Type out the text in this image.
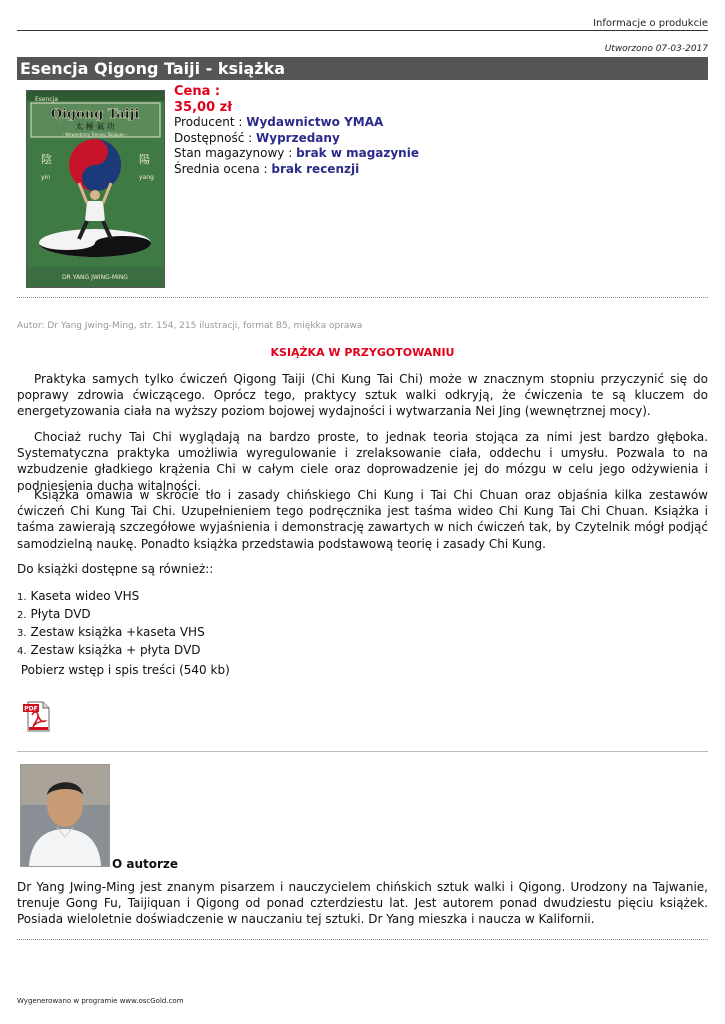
Informacje o produkcie
Utworzono 07-03-2017
Esencja Qigong Taiji - książka
Esencja
Qigong Taiji
太 極 氣 功
- Wewnętrzny Trening Taijiquan -
陰
yin
陽
yang
DR YANG JWING-MING
Cena :
35,00 zł
Producent : Wydawnictwo YMAA
Dostępność : Wyprzedany
Stan magazynowy : brak w magazynie
Średnia ocena : brak recenzji
Autor: Dr Yang Jwing-Ming, str. 154, 215 ilustracji, format B5, miękka oprawa
KSIĄŻKA W PRZYGOTOWANIU
Praktyka samych tylko ćwiczeń Qigong Taiji (Chi Kung Tai Chi) może w znacznym stopniu przyczynić się do poprawy zdrowia ćwiczącego. Oprócz tego, praktycy sztuk walki odkryją, że ćwiczenia te są kluczem do energetyzowania ciała na wyższy poziom bojowej wydajności i wytwarzania Nei Jing (wewnętrznej mocy).
Chociaż ruchy Tai Chi wyglądają na bardzo proste, to jednak teoria stojąca za nimi jest bardzo głęboka. Systematyczna praktyka umożliwia wyregulowanie i zrelaksowanie ciała, oddechu i umysłu. Pozwala to na wzbudzenie gładkiego krążenia Chi w całym ciele oraz doprowadzenie jej do mózgu w celu jego odżywienia i podniesienia ducha witalności.
Książka omawia w skrócie tło i zasady chińskiego Chi Kung i Tai Chi Chuan oraz objaśnia kilka zestawów ćwiczeń Chi Kung Tai Chi. Uzupełnieniem tego podręcznika jest taśma wideo Chi Kung Tai Chi Chuan. Książka i taśma zawierają szczegółowe wyjaśnienia i demonstrację zawartych w nich ćwiczeń tak, by Czytelnik mógł podjąć samodzielną naukę. Ponadto książka przedstawia podstawową teorię i zasady Chi Kung.
Do książki dostępne są również::
1. Kaseta wideo VHS
2. Płyta DVD
3. Zestaw książka +kaseta VHS
4. Zestaw książka + płyta DVD
Pobierz wstęp i spis treści (540 kb)
PDF
O autorze
Dr Yang Jwing-Ming jest znanym pisarzem i nauczycielem chińskich sztuk walki i Qigong. Urodzony na Tajwanie, trenuje Gong Fu, Taijiquan i Qigong od ponad czterdziestu lat. Jest autorem ponad dwudziestu pięciu książek. Posiada wieloletnie doświadczenie w nauczaniu tej sztuki. Dr Yang mieszka i naucza w Kalifornii.
Wygenerowano w programie www.oscGold.com
